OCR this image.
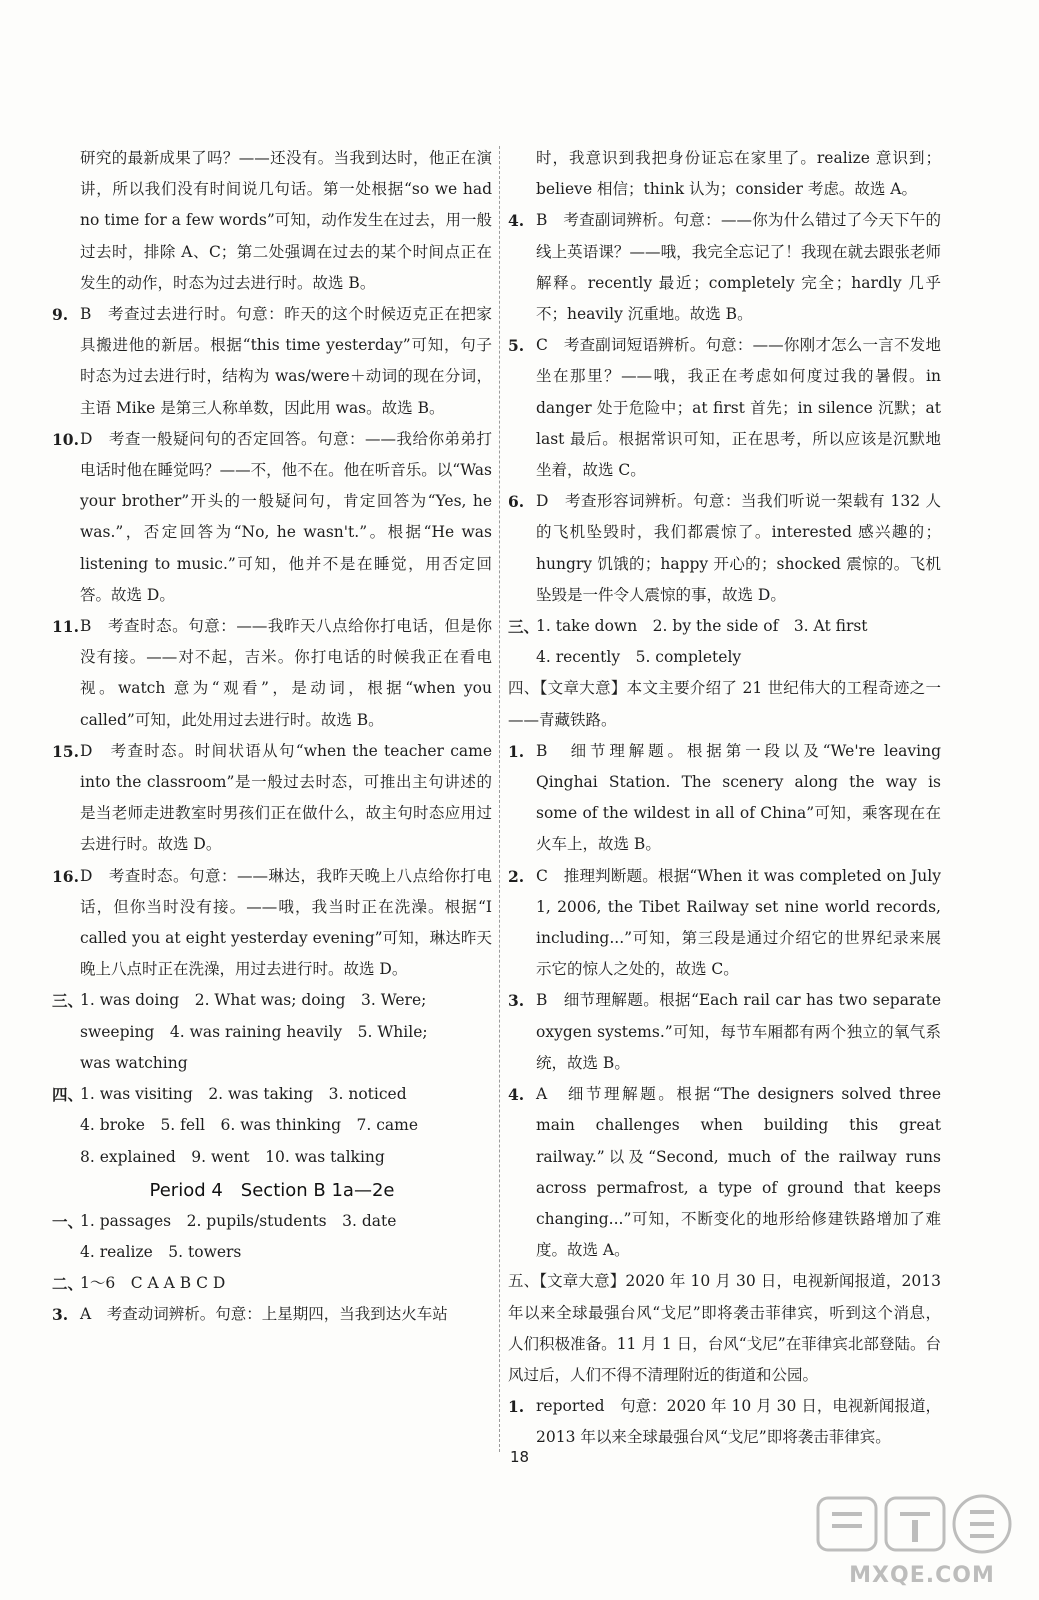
研究的最新成果了吗？——还没有。当我到达时，他正在演讲，所以我们没有时间说几句话。第一处根据“so we had no time for a few words”可知，动作发生在过去，用一般过去时，排除 A、C；第二处强调在过去的某个时间点正在发生的动作，时态为过去进行时。故选 B。

9. B　考查过去进行时。句意：昨天的这个时候迈克正在把家具搬进他的新居。根据“this time yesterday”可知，句子时态为过去进行时，结构为 was/were＋动词的现在分词，主语 Mike 是第三人称单数，因此用 was。故选 B。
10. D　考查一般疑问句的否定回答。句意：——我给你弟弟打电话时他在睡觉吗？——不，他不在。他在听音乐。以“Was your brother”开头的一般疑问句，肯定回答为“Yes, he was.”，否定回答为“No, he wasn't.”。根据“He was listening to music.”可知，他并不是在睡觉，用否定回答。故选 D。
11. B　考查时态。句意：——我昨天八点给你打电话，但是你没有接。——对不起，吉米。你打电话的时候我正在看电视。watch 意为“观看”，是动词，根据“when you called”可知，此处用过去进行时。故选 B。
15. D　考查时态。时间状语从句“when the teacher came into the classroom”是一般过去时态，可推出主句讲述的是当老师走进教室时男孩们正在做什么，故主句时态应用过去进行时。故选 D。
16. D　考查时态。句意：——琳达，我昨天晚上八点给你打电话，但你当时没有接。——哦，我当时正在洗澡。根据“I called you at eight yesterday evening”可知，琳达昨天晚上八点时正在洗澡，用过去进行时。故选 D。
三、
1. was doing　2. What was; doing　3. Were;
sweeping　4. was raining heavily　5. While;
was watching
四、
1. was visiting　2. was taking　3. noticed
4. broke　5. fell　6. was thinking　7. came
8. explained　9. went　10. was talking
Period 4　Section B 1a—2e
一、
1. passages　2. pupils/students　3. date
4. realize　5. towers
二、
1～6　C A A B C D
3. A　考查动词辨析。句意：上星期四，当我到达火车站

时，我意识到我把身份证忘在家里了。realize 意识到；believe 相信；think 认为；consider 考虑。故选 A。

4. B　考查副词辨析。句意：——你为什么错过了今天下午的线上英语课？——哦，我完全忘记了！我现在就去跟张老师解释。recently 最近；completely 完全；hardly 几乎不；heavily 沉重地。故选 B。
5. C　考查副词短语辨析。句意：——你刚才怎么一言不发地坐在那里？——哦，我正在考虑如何度过我的暑假。in danger 处于危险中；at first 首先；in silence 沉默；at last 最后。根据常识可知，正在思考，所以应该是沉默地坐着，故选 C。
6. D　考查形容词辨析。句意：当我们听说一架载有 132 人的飞机坠毁时，我们都震惊了。interested 感兴趣的；hungry 饥饿的；happy 开心的；shocked 震惊的。飞机坠毁是一件令人震惊的事，故选 D。
三、
1. take down　2. by the side of　3. At first
4. recently　5. completely

四、【文章大意】本文主要介绍了 21 世纪伟大的工程奇迹之一——青藏铁路。

1. B　细节理解题。根据第一段以及“We're leaving Qinghai Station. The scenery along the way is some of the wildest in all of China”可知，乘客现在在火车上，故选 B。
2. C　推理判断题。根据“When it was completed on July 1, 2006, the Tibet Railway set nine world records, including...”可知，第三段是通过介绍它的世界纪录来展示它的惊人之处的，故选 C。
3. B　细节理解题。根据“Each rail car has two separate oxygen systems.”可知，每节车厢都有两个独立的氧气系统，故选 B。
4. A　细节理解题。根据“The designers solved three main challenges when building this great railway.”以及“Second, much of the railway runs across permafrost, a type of ground that keeps changing...”可知，不断变化的地形给修建铁路增加了难度。故选 A。

五、【文章大意】2020 年 10 月 30 日，电视新闻报道，2013 年以来全球最强台风“戈尼”即将袭击菲律宾，听到这个消息，人们积极准备。11 月 1 日，台风“戈尼”在菲律宾北部登陆。台风过后，人们不得不清理附近的街道和公园。

1. reported　句意：2020 年 10 月 30 日，电视新闻报道，2013 年以来全球最强台风“戈尼”即将袭击菲律宾。
18
MXQE.COM
